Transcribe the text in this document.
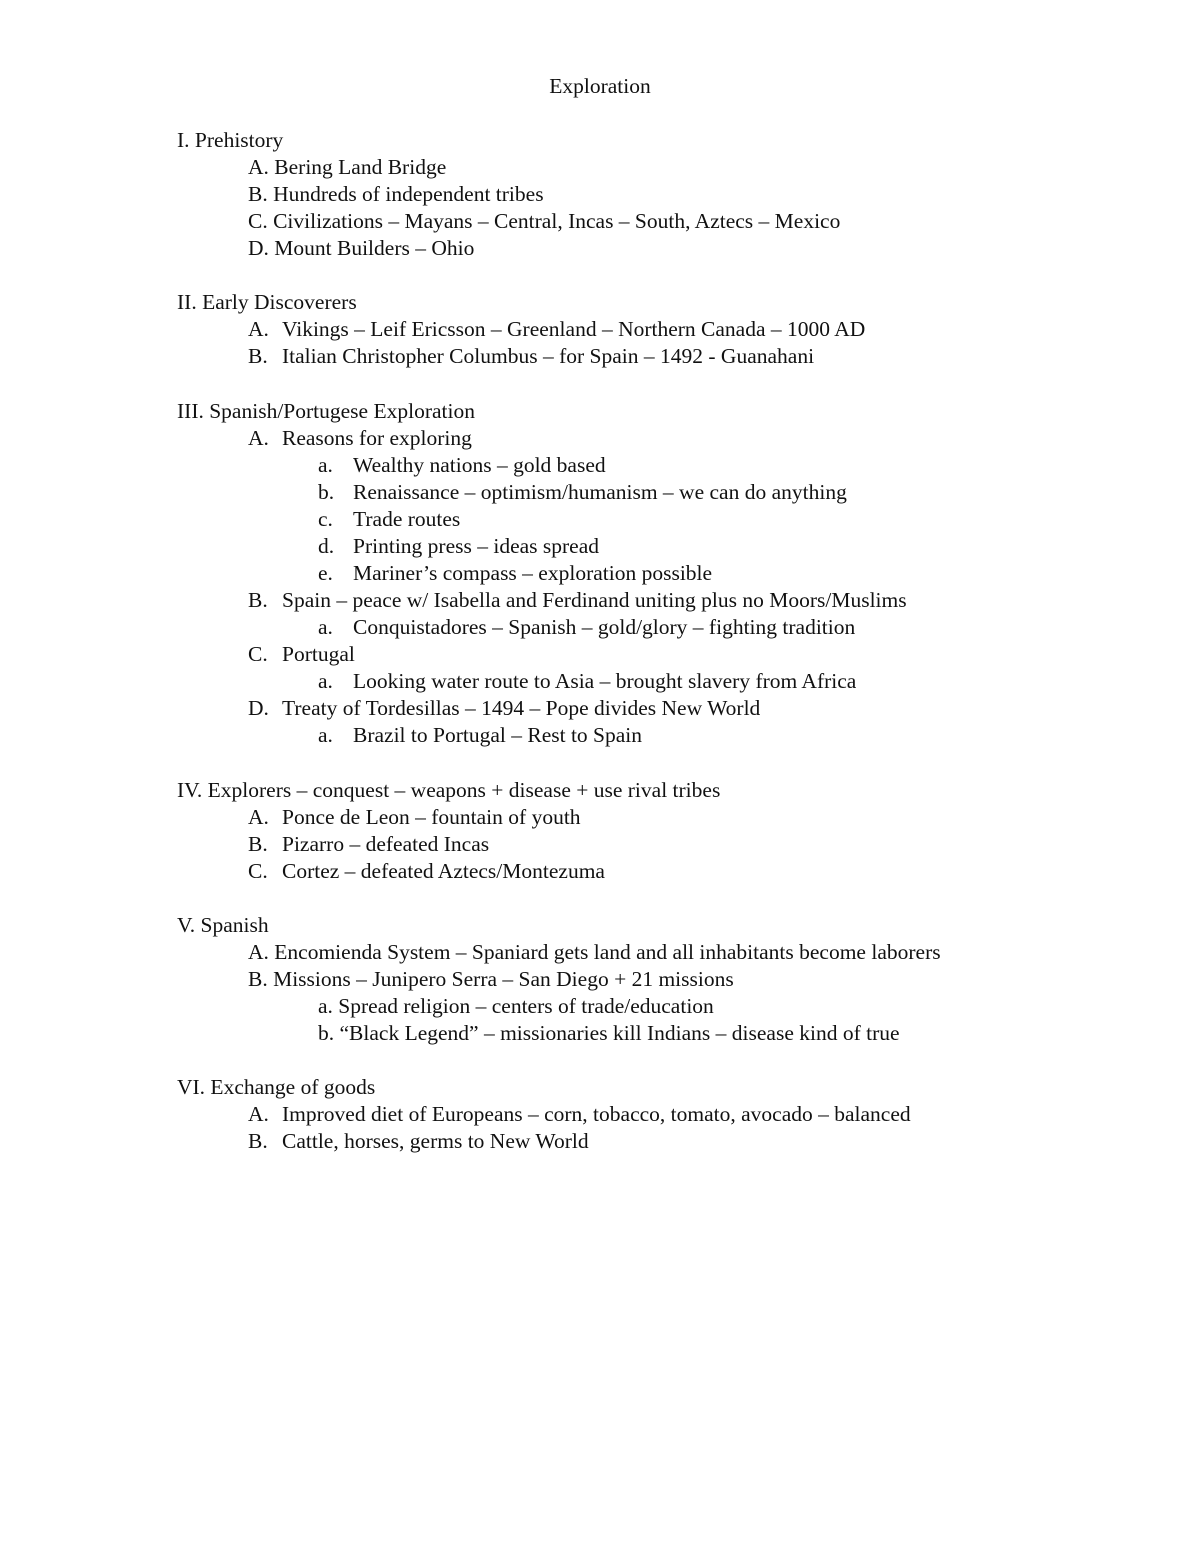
Exploration
I. Prehistory
A. Bering Land Bridge
B. Hundreds of independent tribes
C. Civilizations – Mayans – Central, Incas – South, Aztecs – Mexico
D. Mount Builders – Ohio
II. Early Discoverers
A. Vikings – Leif Ericsson – Greenland – Northern Canada – 1000 AD
B. Italian Christopher Columbus – for Spain – 1492 - Guanahani
III. Spanish/Portugese Exploration
A. Reasons for exploring
a. Wealthy nations – gold based
b. Renaissance – optimism/humanism – we can do anything
c. Trade routes
d. Printing press – ideas spread
e. Mariner’s compass – exploration possible
B. Spain – peace w/ Isabella and Ferdinand uniting plus no Moors/Muslims
a. Conquistadores – Spanish – gold/glory – fighting tradition
C. Portugal
a. Looking water route to Asia – brought slavery from Africa
D. Treaty of Tordesillas – 1494 – Pope divides New World
a. Brazil to Portugal – Rest to Spain
IV. Explorers – conquest – weapons + disease + use rival tribes
A. Ponce de Leon – fountain of youth
B. Pizarro – defeated Incas
C. Cortez – defeated Aztecs/Montezuma
V. Spanish
A. Encomienda System – Spaniard gets land and all inhabitants become laborers
B. Missions – Junipero Serra – San Diego + 21 missions
a. Spread religion – centers of trade/education
b. “Black Legend” – missionaries kill Indians – disease kind of true
VI. Exchange of goods
A. Improved diet of Europeans – corn, tobacco, tomato, avocado – balanced
B. Cattle, horses, germs to New World
